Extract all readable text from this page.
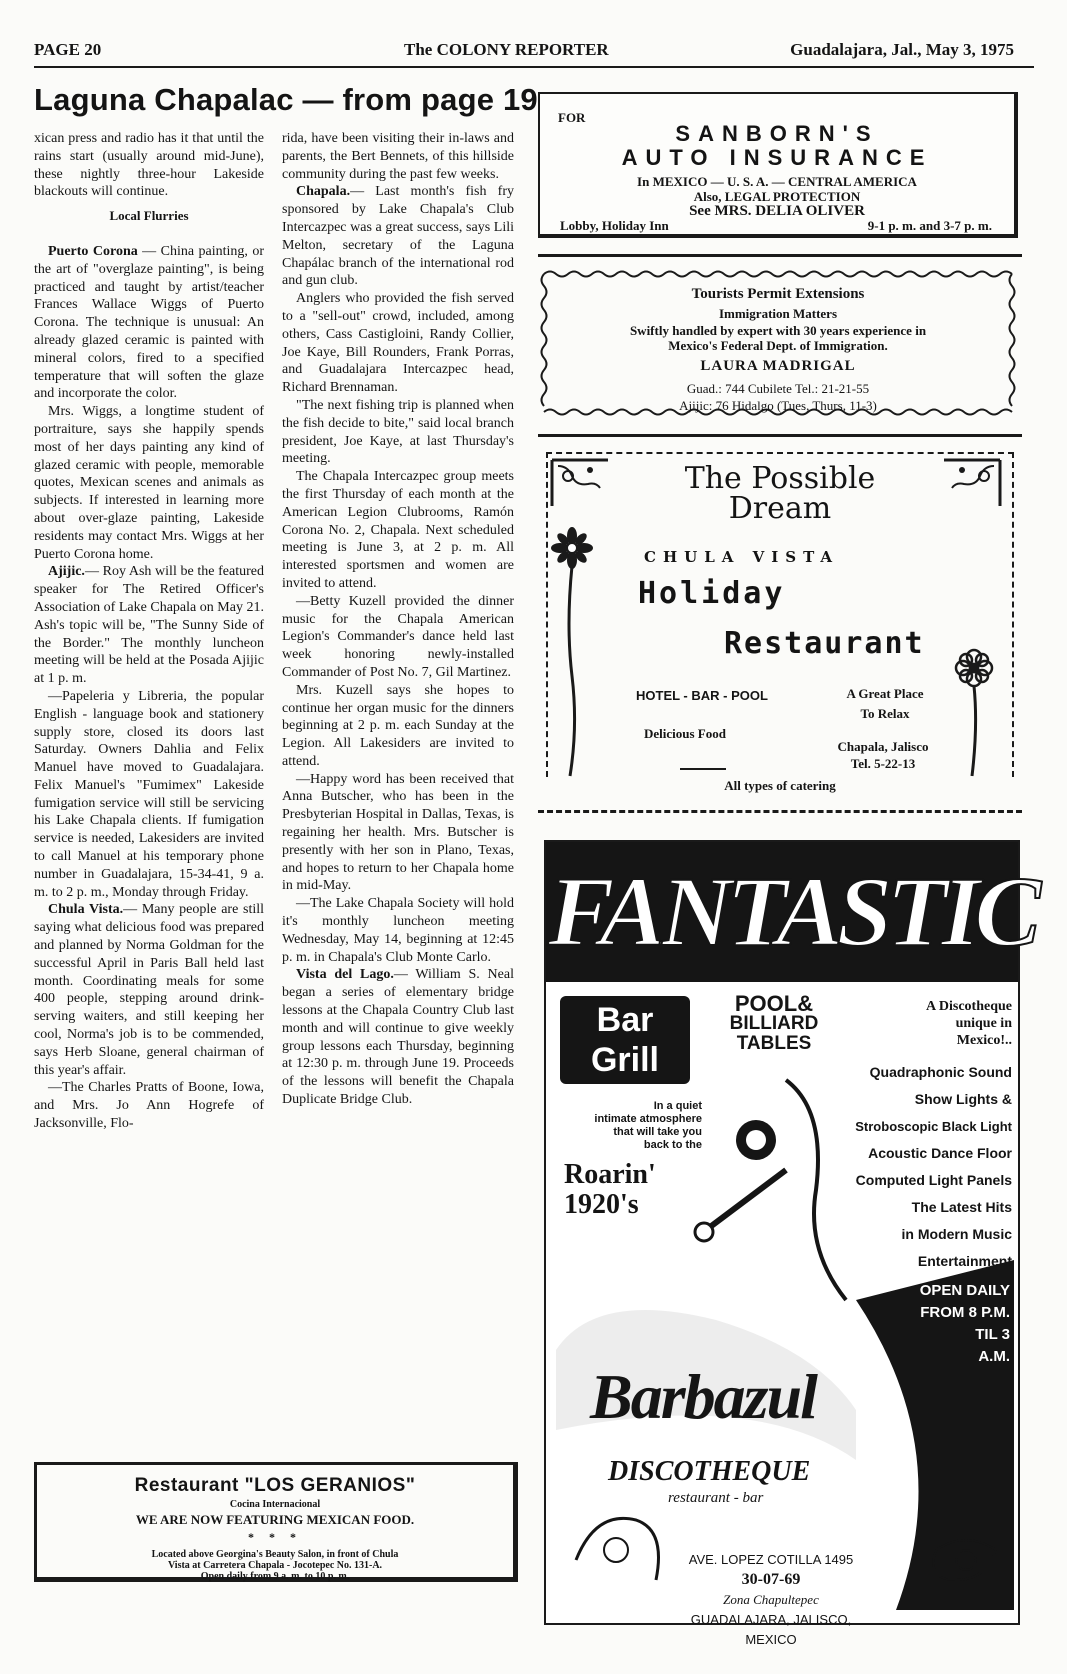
PAGE 20	The COLONY REPORTER	Guadalajara, Jal., May 3, 1975
Laguna Chapalac — from page 19

xican press and radio has it that until the rains start (usually around mid-June), these nightly three-hour Lakeside blackouts will continue.

Local Flurries

Puerto Corona — China painting, or the art of "overglaze painting", is being practiced and taught by artist/teacher Frances Wallace Wiggs of Puerto Corona. The technique is unusual: An already glazed ceramic is painted with mineral colors, fired to a specified temperature that will soften the glaze and incorporate the color.

Mrs. Wiggs, a longtime student of portraiture, says she happily spends most of her days painting any kind of glazed ceramic with people, memorable quotes, Mexican scenes and animals as subjects. If interested in learning more about over-glaze painting, Lakeside residents may contact Mrs. Wiggs at her Puerto Corona home.

Ajijic.— Roy Ash will be the featured speaker for The Retired Officer's Association of Lake Chapala on May 21. Ash's topic will be, "The Sunny Side of the Border." The monthly luncheon meeting will be held at the Posada Ajijic at 1 p. m.

—Papeleria y Libreria, the popular English - language book and stationery supply store, closed its doors last Saturday. Owners Dahlia and Felix Manuel have moved to Guadalajara. Felix Manuel's "Fumimex" Lakeside fumigation service will still be servicing his Lake Chapala clients. If fumigation service is needed, Lakesiders are invited to call Manuel at his temporary phone number in Guadalajara, 15-34-41, 9 a. m. to 2 p. m., Monday through Friday.

Chula Vista.— Many people are still saying what delicious food was prepared and planned by Norma Goldman for the successful April in Paris Ball held last month. Coordinating meals for some 400 people, stepping around drink-serving waiters, and still keeping her cool, Norma's job is to be commended, says Herb Sloane, general chairman of this year's affair.

—The Charles Pratts of Boone, Iowa, and Mrs. Jo Ann Hogrefe of Jacksonville, Flo-

rida, have been visiting their in-laws and parents, the Bert Bennets, of this hillside community during the past few weeks.

Chapala.— Last month's fish fry sponsored by Lake Chapala's Club Intercazpec was a great success, says Lili Melton, secretary of the Laguna Chapálac branch of the international rod and gun club.

Anglers who provided the fish served to a "sell-out" crowd, included, among others, Cass Castigloini, Randy Collier, Joe Kaye, Bill Rounders, Frank Porras, and Guadalajara Intercazpec head, Richard Brennaman.

"The next fishing trip is planned when the fish decide to bite," said local branch president, Joe Kaye, at last Thursday's meeting.

The Chapala Intercazpec group meets the first Thursday of each month at the American Legion Clubrooms, Ramón Corona No. 2, Chapala. Next scheduled meeting is June 3, at 2 p. m. All interested sportsmen and women are invited to attend.

—Betty Kuzell provided the dinner music for the Chapala American Legion's Commander's dance held last week honoring newly-installed Commander of Post No. 7, Gil Martinez.

Mrs. Kuzell says she hopes to continue her organ music for the dinners beginning at 2 p. m. each Sunday at the Legion. All Lakesiders are invited to attend.

—Happy word has been received that Anna Butscher, who has been in the Presbyterian Hospital in Dallas, Texas, is regaining her health. Mrs. Butscher is presently with her son in Plano, Texas, and hopes to return to her Chapala home in mid-May.

—The Lake Chapala Society will hold it's monthly luncheon meeting Wednesday, May 14, beginning at 12:45 p. m. in Chapala's Club Monte Carlo.

Vista del Lago.— William S. Neal began a series of elementary bridge lessons at the Chapala Country Club last month and will continue to give weekly group lessons each Thursday, beginning at 12:30 p. m. through June 19. Proceeds of the lessons will benefit the Chapala Duplicate Bridge Club.

FOR
SANBORN'S
AUTO INSURANCE
In MEXICO — U. S. A. — CENTRAL AMERICA
Also, LEGAL PROTECTION
See MRS. DELIA OLIVER
Lobby, Holiday Inn	9-1 p. m. and 3-7 p. m.
Tourists Permit Extensions
Immigration Matters
Swiftly handled by expert with 30 years experience in
Mexico's Federal Dept. of Immigration.
LAURA MADRIGAL
Guad.: 744 Cubilete Tel.: 21-21-55
Ajijic: 76 Hidalgo (Tues, Thurs, 11-3)
The Possible
Dream
CHULA VISTA
Holiday
Restaurant
HOTEL - BAR - POOL	A Great Place
To Relax
Delicious Food
Chapala, Jalisco
Tel. 5-22-13
All types of catering
FANTASTIC
Bar
Grill
POOL&
BILLIARD
TABLES
In a quiet
intimate atmosphere
that will take you
back to the
Roarin'
1920's
A Discotheque
unique in
Mexico!..
Quadraphonic Sound
Show Lights &
Stroboscopic Black Light
Acoustic Dance Floor
Computed Light Panels
The Latest Hits
in Modern Music
Entertainment
OPEN DAILY
FROM 8 P.M.
TIL 3
A.M.
Barbazul
DISCOTHEQUE
restaurant - bar
AVE. LOPEZ COTILLA 1495
30-07-69
Zona Chapultepec
GUADALAJARA, JALISCO, MEXICO
Restaurant "LOS GERANIOS"
Cocina Internacional
WE ARE NOW FEATURING MEXICAN FOOD.
* * *
Located above Georgina's Beauty Salon, in front of Chula
Vista at Carretera Chapala - Jocotepec No. 131-A.
Open daily from 9 a. m. to 10 p. m.
